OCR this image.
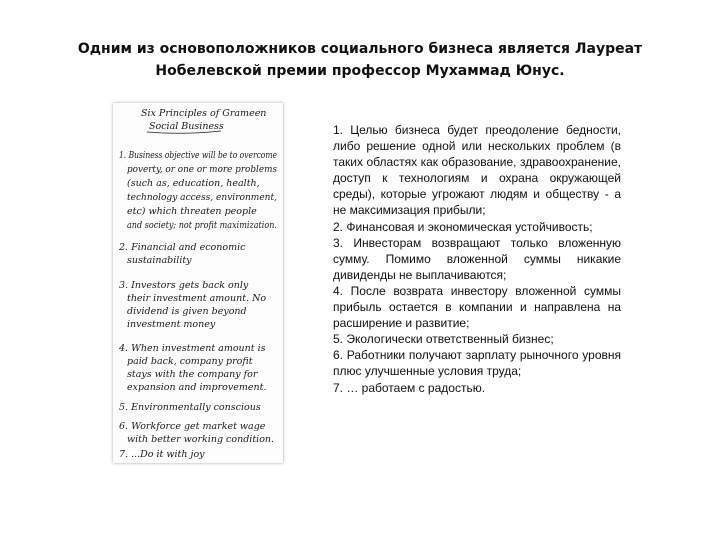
Одним из основоположников социального бизнеса является Лауреат
Нобелевской премии профессор Мухаммад Юнус.
Six Principles of Grameen
Social Business
1. Business objective will be to overcome
poverty, or one or more problems
(such as, education, health,
technology access, environment,
etc) which threaten people
and society; not profit maximization.
2. Financial and economic
sustainability
3. Investors gets back only
their investment amount. No
dividend is given beyond
investment money
4. When investment amount is
paid back, company profit
stays with the company for
expansion and improvement.
5. Environmentally conscious
6. Workforce get market wage
with better working condition.
7. ...Do it with joy
1. Целью бизнеса будет преодоление бедности, либо решение одной или нескольких проблем (в таких областях как образование, здравоохранение, доступ к технологиям и охрана окружающей среды), которые угрожают людям и обществу - а не максимизация прибыли;
2. Финансовая и экономическая устойчивость;
3. Инвесторам возвращают только вложенную сумму. Помимо вложенной суммы никакие дивиденды не выплачиваются;
4. После возврата инвестору вложенной суммы прибыль остается в компании и направлена на расширение и развитие;
5. Экологически ответственный бизнес;
6. Работники получают зарплату рыночного уровня плюс улучшенные условия труда;
7. … работаем с радостью.
